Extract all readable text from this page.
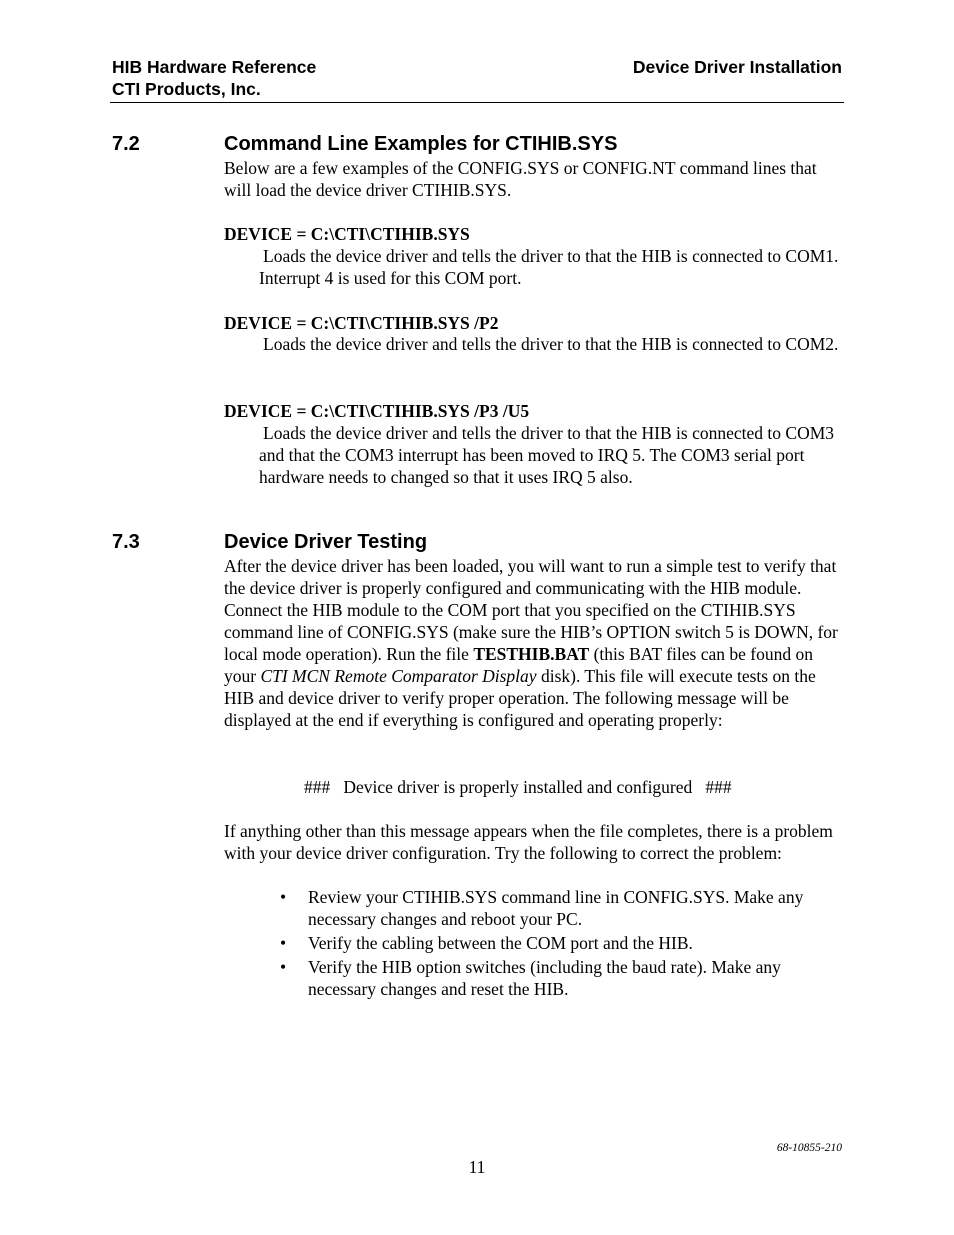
HIB Hardware Reference
CTI Products, Inc.
Device Driver Installation
7.2	Command Line Examples for CTIHIB.SYS
Below are a few examples of the CONFIG.SYS or CONFIG.NT command lines that will load the device driver CTIHIB.SYS.
DEVICE = C:\CTI\CTIHIB.SYS
Loads the device driver and tells the driver to that the HIB is connected to COM1. Interrupt 4 is used for this COM port.
DEVICE = C:\CTI\CTIHIB.SYS /P2
Loads the device driver and tells the driver to that the HIB is connected to COM2.
DEVICE = C:\CTI\CTIHIB.SYS /P3 /U5
Loads the device driver and tells the driver to that the HIB is connected to COM3 and that the COM3 interrupt has been moved to IRQ 5. The COM3 serial port hardware needs to changed so that it uses IRQ 5 also.
7.3	Device Driver Testing
After the device driver has been loaded, you will want to run a simple test to verify that the device driver is properly configured and communicating with the HIB module. Connect the HIB module to the COM port that you specified on the CTIHIB.SYS command line of CONFIG.SYS (make sure the HIB’s OPTION switch 5 is DOWN, for local mode operation). Run the file TESTHIB.BAT (this BAT files can be found on your CTI MCN Remote Comparator Display disk). This file will execute tests on the HIB and device driver to verify proper operation. The following message will be displayed at the end if everything is configured and operating properly:
###   Device driver is properly installed and configured   ###
If anything other than this message appears when the file completes, there is a problem with your device driver configuration. Try the following to correct the problem:
•	Review your CTIHIB.SYS command line in CONFIG.SYS. Make any necessary changes and reboot your PC.
•	Verify the cabling between the COM port and the HIB.
•	Verify the HIB option switches (including the baud rate). Make any necessary changes and reset the HIB.
68-10855-210
11
